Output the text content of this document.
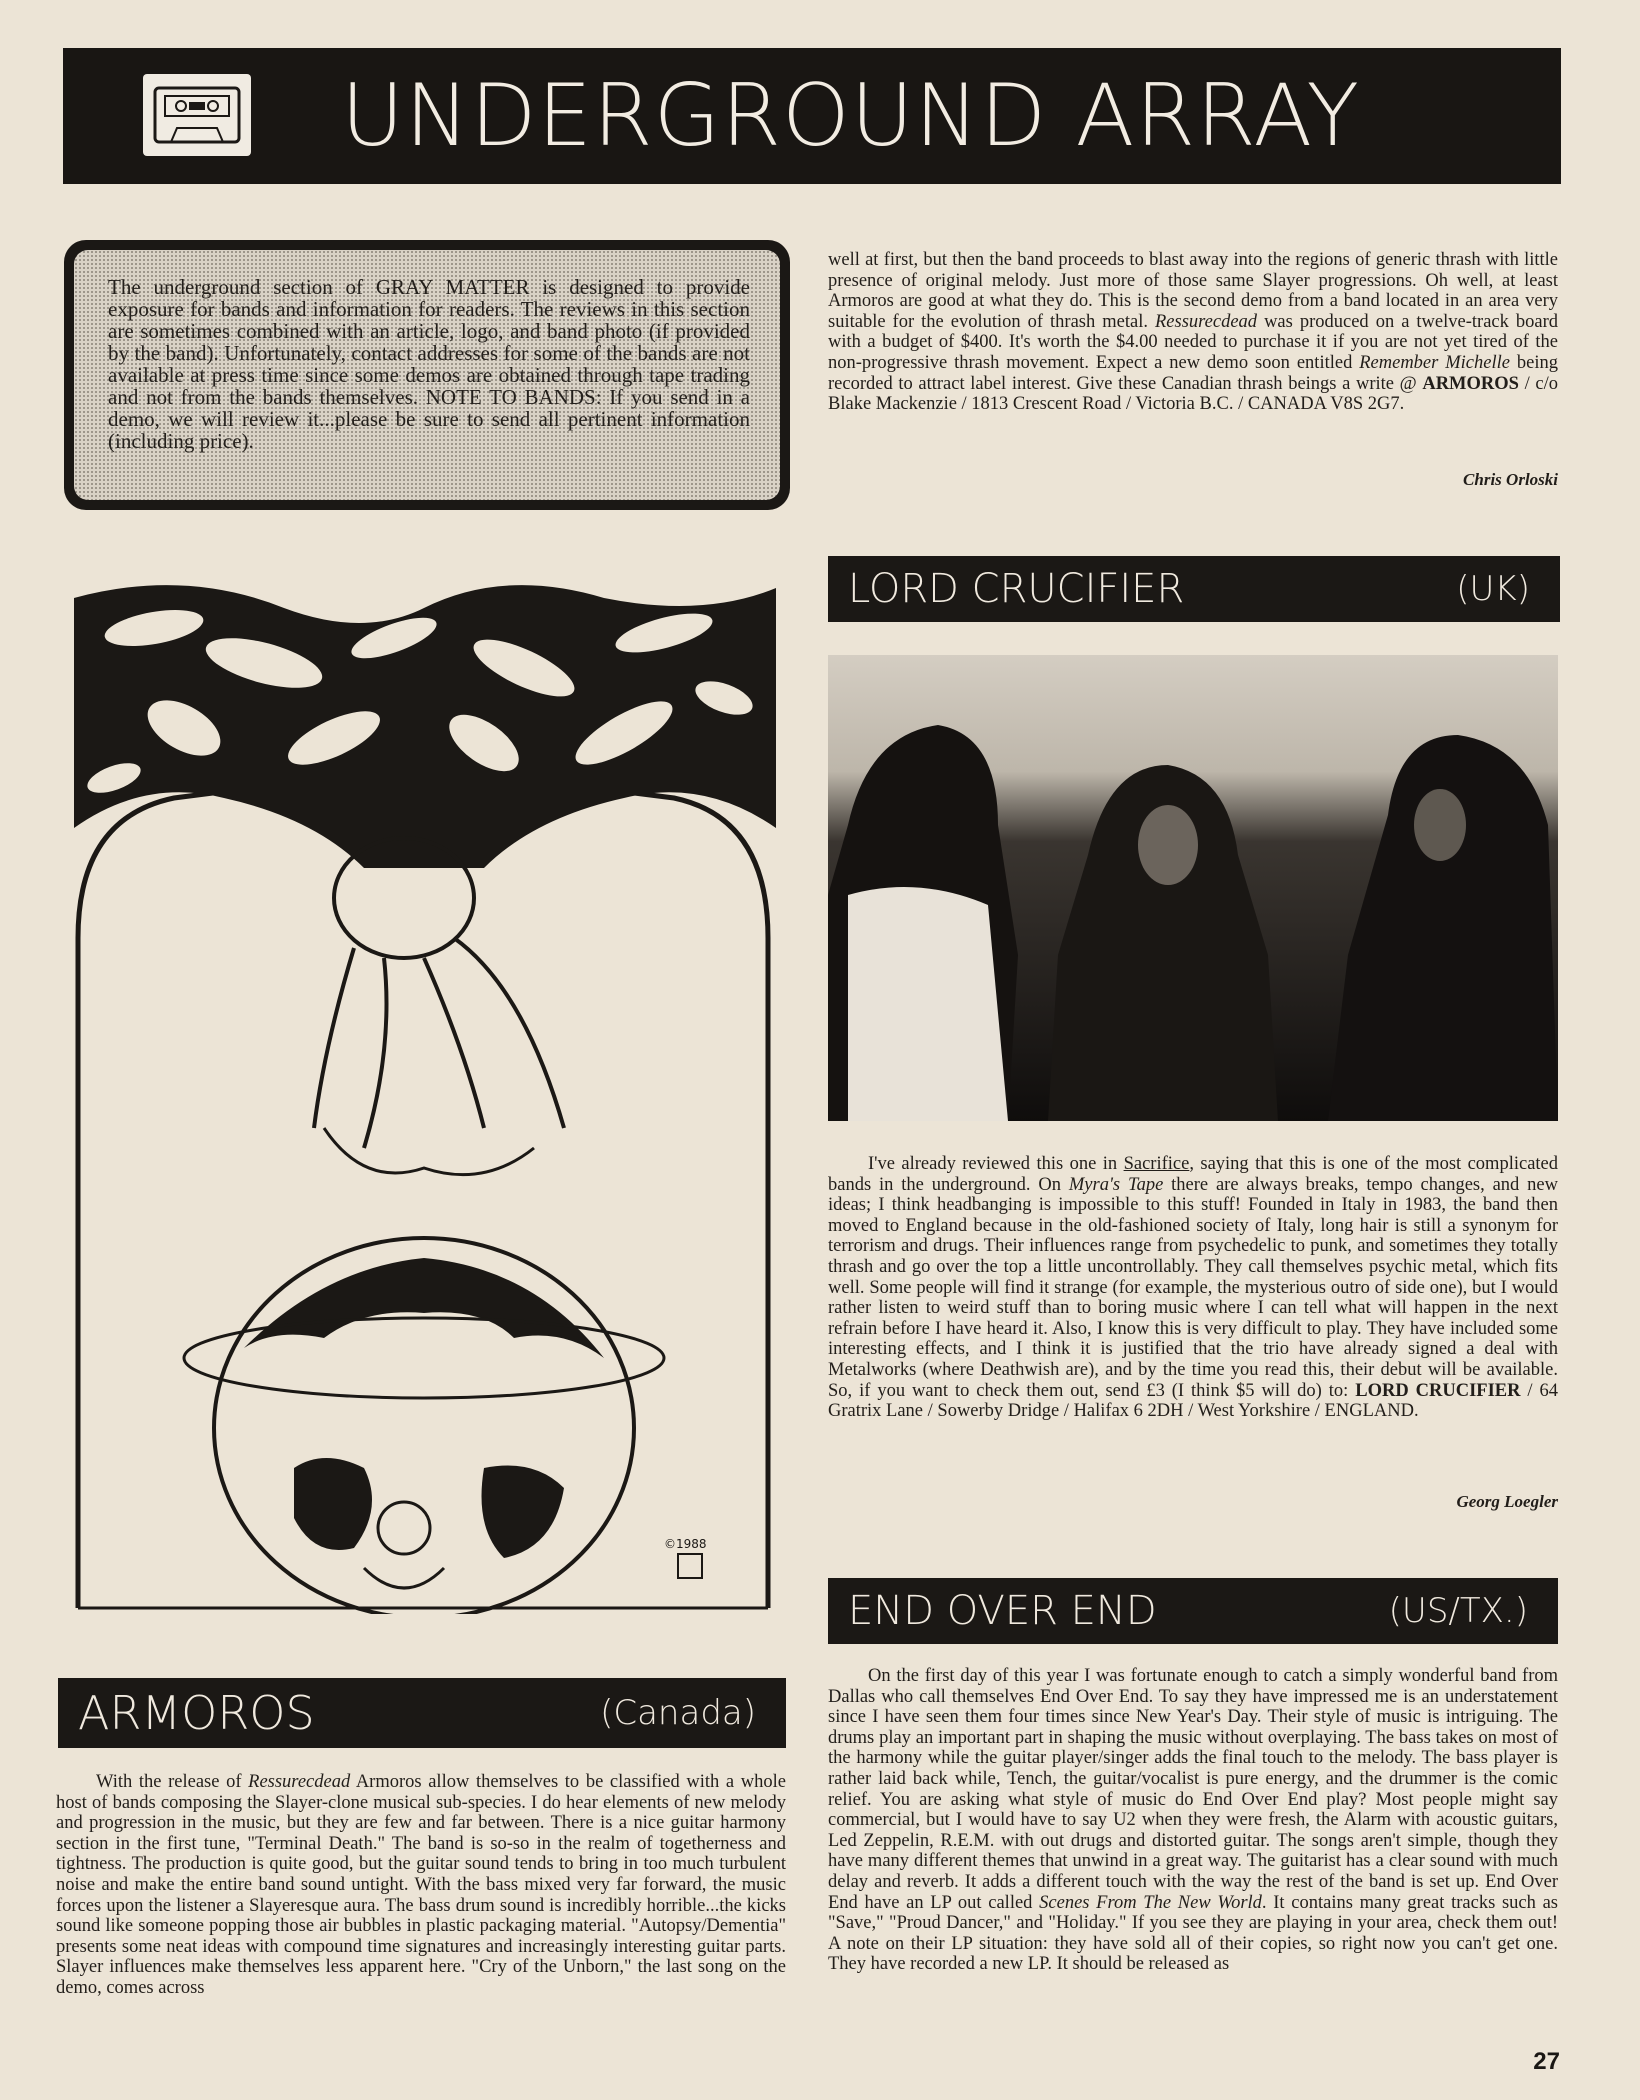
UNDERGROUND ARRAY
The underground section of GRAY MATTER is designed to provide exposure for bands and information for readers. The reviews in this section are sometimes combined with an article, logo, and band photo (if provided by the band). Unfortunately, contact addresses for some of the bands are not available at press time since some demos are obtained through tape trading and not from the bands themselves. NOTE TO BANDS: If you send in a demo, we will review it...please be sure to send all pertinent information (including price).
©1988
ARMOROS	(Canada)

With the release of Ressurecdead Armoros allow themselves to be classified with a whole host of bands composing the Slayer-clone musical sub-species. I do hear elements of new melody and progression in the music, but they are few and far between. There is a nice guitar harmony section in the first tune, "Terminal Death." The band is so-so in the realm of togetherness and tightness. The production is quite good, but the guitar sound tends to bring in too much turbulent noise and make the entire band sound untight. With the bass mixed very far forward, the music forces upon the listener a Slayeresque aura. The bass drum sound is incredibly horrible...the kicks sound like someone popping those air bubbles in plastic packaging material. "Autopsy/Dementia" presents some neat ideas with compound time signatures and increasingly interesting guitar parts. Slayer influences make themselves less apparent here. "Cry of the Unborn," the last song on the demo, comes across

well at first, but then the band proceeds to blast away into the regions of generic thrash with little presence of original melody. Just more of those same Slayer progressions. Oh well, at least Armoros are good at what they do. This is the second demo from a band located in an area very suitable for the evolution of thrash metal. Ressurecdead was produced on a twelve-track board with a budget of $400. It's worth the $4.00 needed to purchase it if you are not yet tired of the non-progressive thrash movement. Expect a new demo soon entitled Remember Michelle being recorded to attract label interest. Give these Canadian thrash beings a write @ ARMOROS / c/o Blake Mackenzie / 1813 Crescent Road / Victoria B.C. / CANADA V8S 2G7.

Chris Orloski
LORD CRUCIFIER	(UK)

I've already reviewed this one in Sacrifice, saying that this is one of the most complicated bands in the underground. On Myra's Tape there are always breaks, tempo changes, and new ideas; I think headbanging is impossible to this stuff! Founded in Italy in 1983, the band then moved to England because in the old-fashioned society of Italy, long hair is still a synonym for terrorism and drugs. Their influences range from psychedelic to punk, and sometimes they totally thrash and go over the top a little uncontrollably. They call themselves psychic metal, which fits well. Some people will find it strange (for example, the mysterious outro of side one), but I would rather listen to weird stuff than to boring music where I can tell what will happen in the next refrain before I have heard it. Also, I know this is very difficult to play. They have included some interesting effects, and I think it is justified that the trio have already signed a deal with Metalworks (where Deathwish are), and by the time you read this, their debut will be available. So, if you want to check them out, send £3 (I think $5 will do) to: LORD CRUCIFIER / 64 Gratrix Lane / Sowerby Dridge / Halifax 6 2DH / West Yorkshire / ENGLAND.

Georg Loegler
END OVER END	(US/TX.)

On the first day of this year I was fortunate enough to catch a simply wonderful band from Dallas who call themselves End Over End. To say they have impressed me is an understatement since I have seen them four times since New Year's Day. Their style of music is intriguing. The drums play an important part in shaping the music without overplaying. The bass takes on most of the harmony while the guitar player/singer adds the final touch to the melody. The bass player is rather laid back while, Tench, the guitar/vocalist is pure energy, and the drummer is the comic relief. You are asking what style of music do End Over End play? Most people might say commercial, but I would have to say U2 when they were fresh, the Alarm with acoustic guitars, Led Zeppelin, R.E.M. with out drugs and distorted guitar. The songs aren't simple, though they have many different themes that unwind in a great way. The guitarist has a clear sound with much delay and reverb. It adds a different touch with the way the rest of the band is set up. End Over End have an LP out called Scenes From The New World. It contains many great tracks such as "Save," "Proud Dancer," and "Holiday." If you see they are playing in your area, check them out! A note on their LP situation: they have sold all of their copies, so right now you can't get one. They have recorded a new LP. It should be released as

27
